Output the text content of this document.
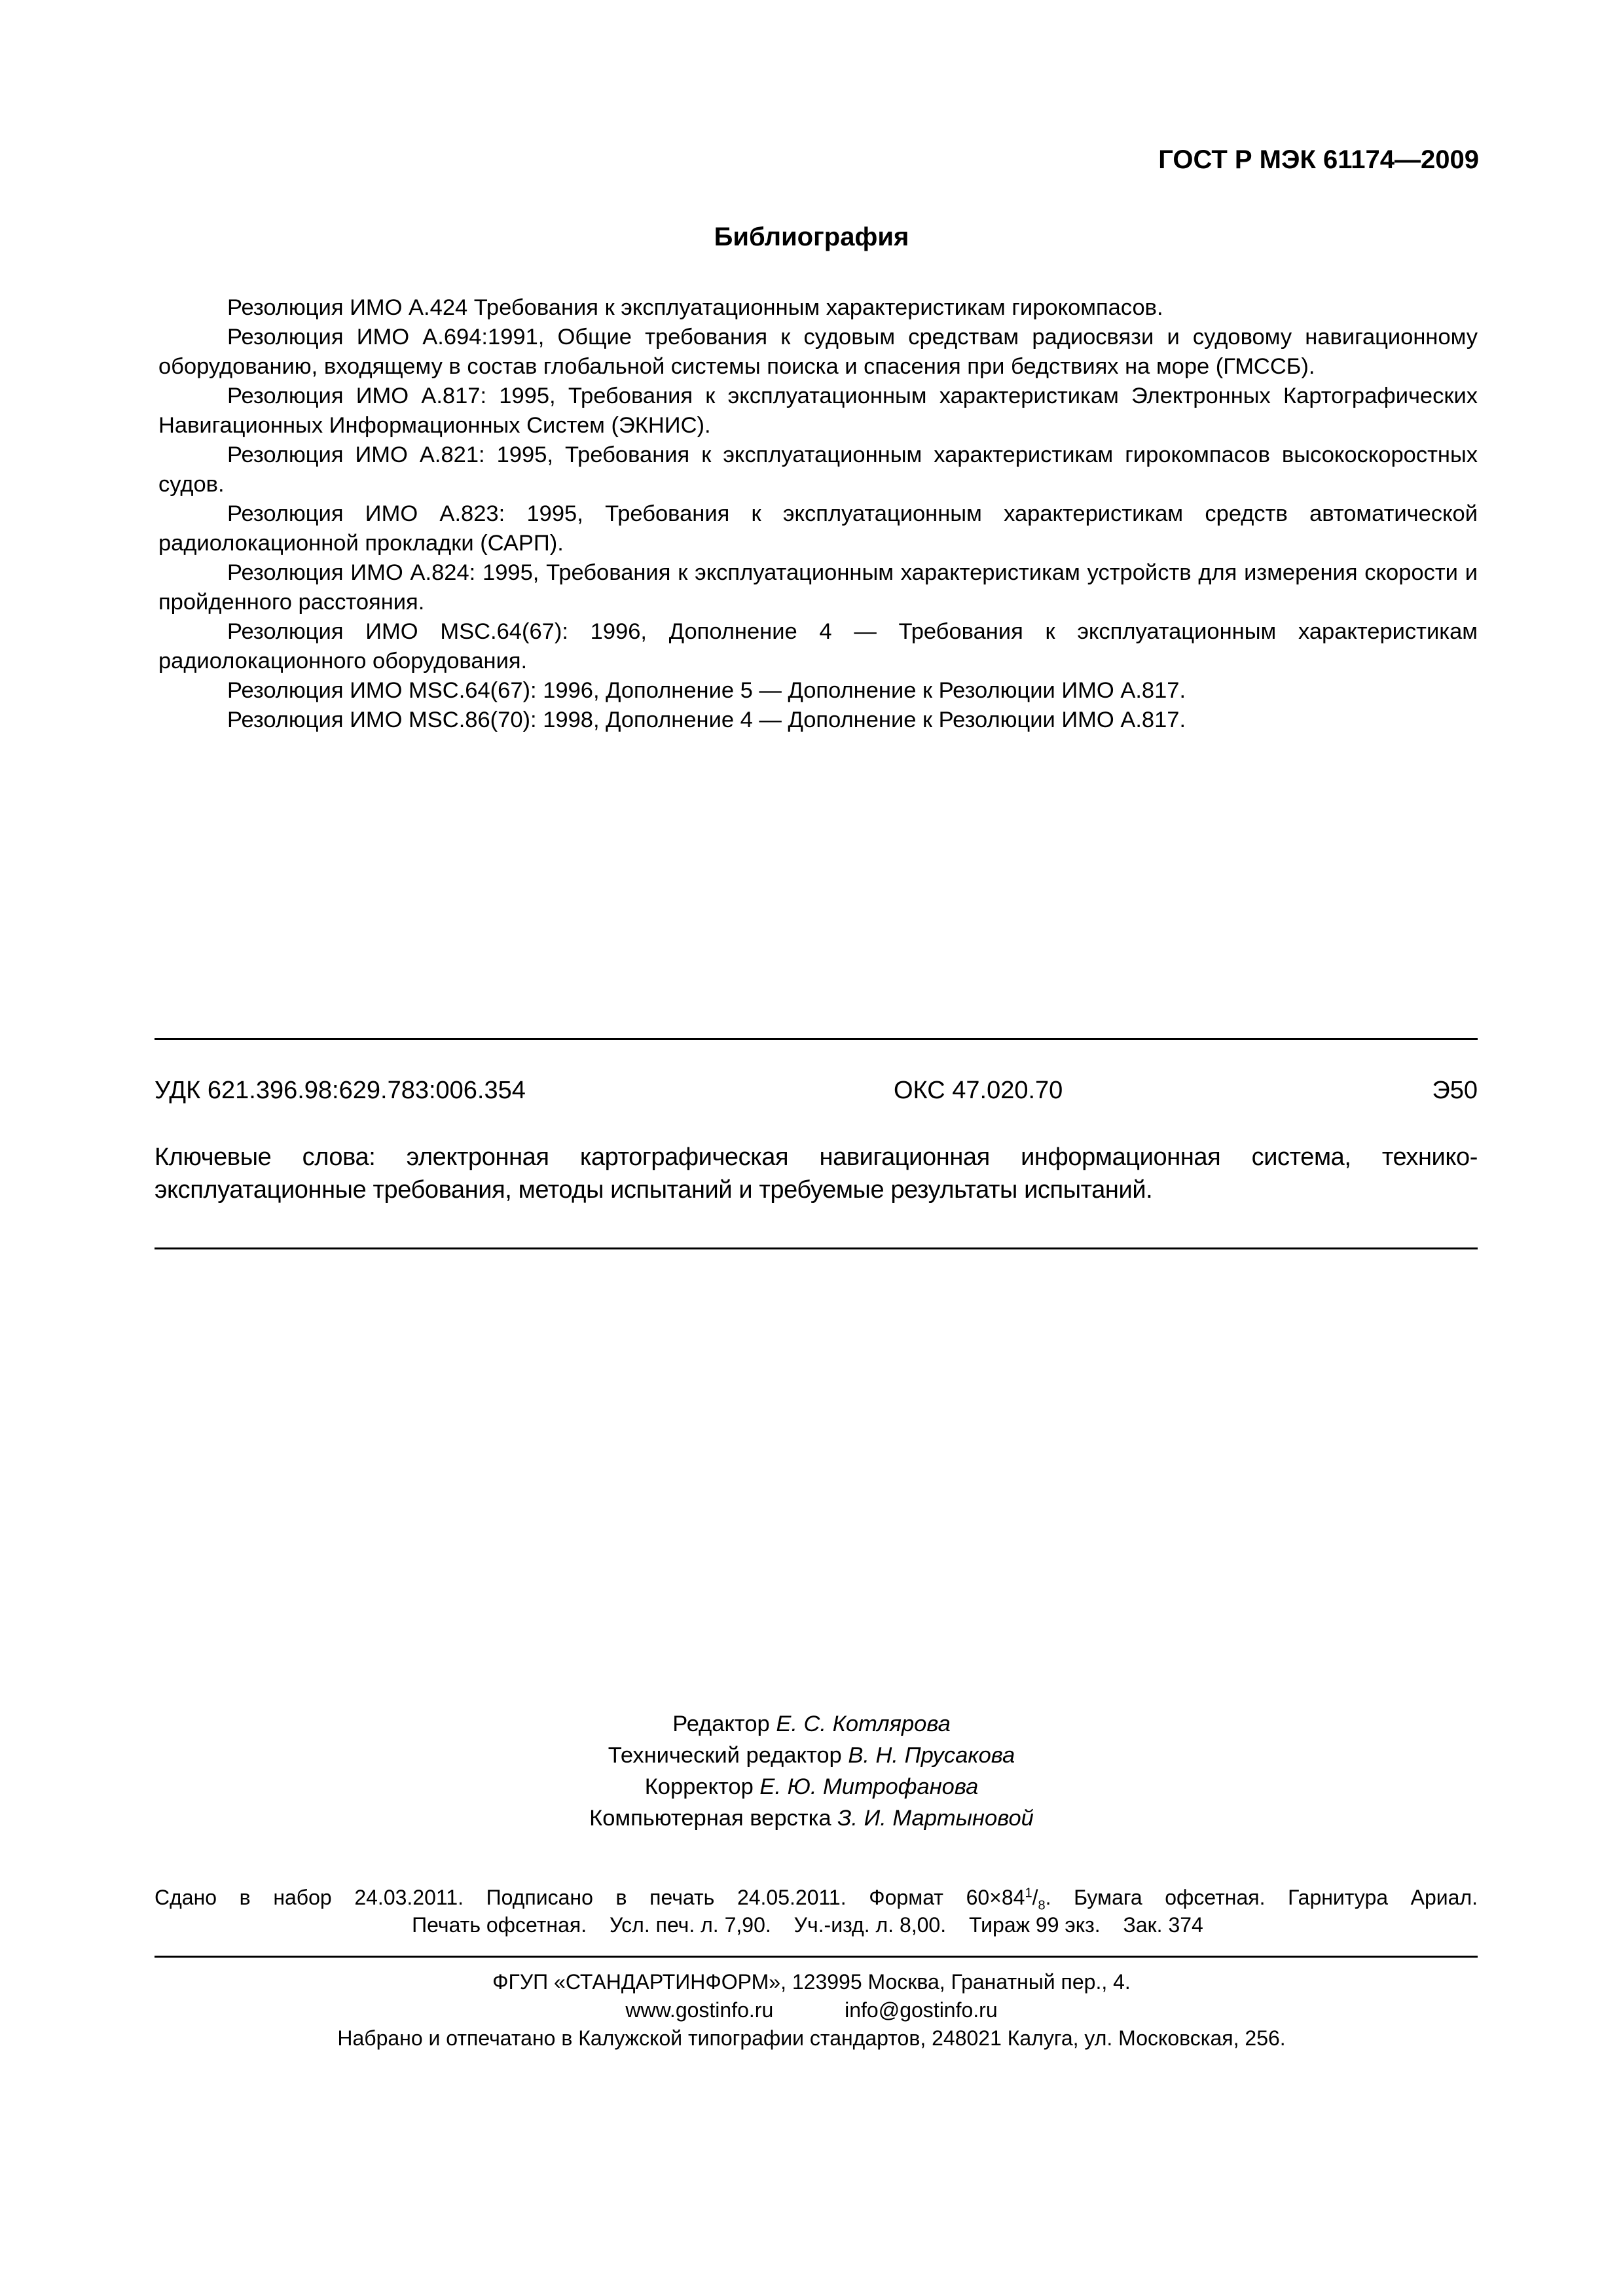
ГОСТ Р МЭК 61174—2009
Библиография
Резолюция ИМО A.424 Требования к эксплуатационным характеристикам гирокомпасов.
Резолюция ИМО A.694:1991, Общие требования к судовым средствам радиосвязи и судовому навигационному оборудованию, входящему в состав глобальной системы поиска и спасения при бедствиях на море (ГМССБ).
Резолюция ИМО A.817: 1995, Требования к эксплуатационным характеристикам Электронных Картографических Навигационных Информационных Систем (ЭКНИС).
Резолюция ИМО A.821: 1995, Требования к эксплуатационным характеристикам гирокомпасов высокоскоростных судов.
Резолюция ИМО A.823: 1995, Требования к эксплуатационным характеристикам средств автоматической радиолокационной прокладки (САРП).
Резолюция ИМО A.824: 1995, Требования к эксплуатационным характеристикам устройств для измерения скорости и пройденного расстояния.
Резолюция ИМО MSC.64(67): 1996, Дополнение 4 — Требования к эксплуатационным характеристикам радиолокационного оборудования.
Резолюция ИМО MSC.64(67): 1996, Дополнение 5 — Дополнение к Резолюции ИМО A.817.
Резолюция ИМО MSC.86(70): 1998, Дополнение 4 — Дополнение к Резолюции ИМО A.817.
УДК 621.396.98:629.783:006.354	ОКС 47.020.70	Э50
Ключевые слова: электронная картографическая навигационная информационная система, технико-эксплуатационные требования, методы испытаний и требуемые результаты испытаний.
Редактор Е. С. Котлярова
Технический редактор В. Н. Прусакова
Корректор Е. Ю. Митрофанова
Компьютерная верстка З. И. Мартыновой
Сдано в набор 24.03.2011. Подписано в печать 24.05.2011. Формат $60\times 84^1/_8$. Бумага офсетная. Гарнитура Ариал.
Печать офсетная. Усл. печ. л. 7,90. Уч.-изд. л. 8,00. Тираж 99 экз. Зак. 374
ФГУП «СТАНДАРТИНФОРМ», 123995 Москва, Гранатный пер., 4.
www.gostinfo.ru	info@gostinfo.ru
Набрано и отпечатано в Калужской типографии стандартов, 248021 Калуга, ул. Московская, 256.
